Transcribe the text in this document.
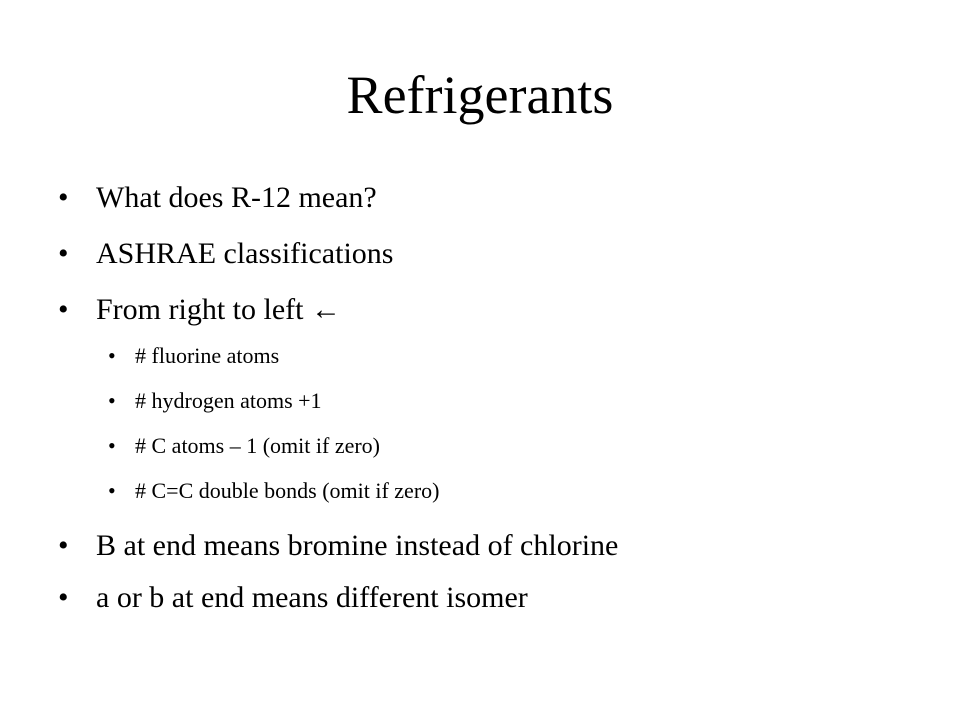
Refrigerants
• What does R-12 mean?
• ASHRAE classifications
• From right to left ←
• # fluorine atoms
• # hydrogen atoms +1
• # C atoms – 1 (omit if zero)
• # C=C double bonds (omit if zero)
• B at end means bromine instead of chlorine
• a or b at end means different isomer
